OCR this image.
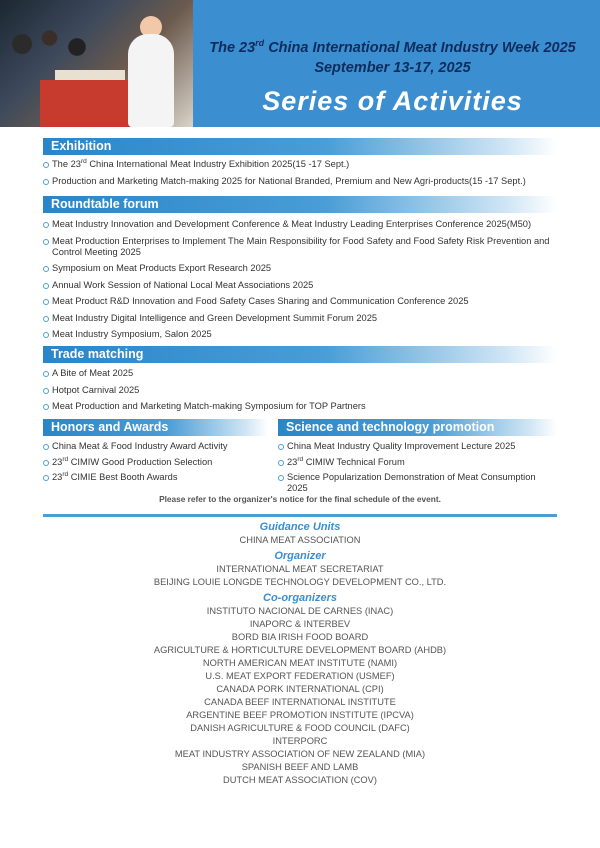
The 23rd China International Meat Industry Week 2025
September 13-17, 2025
Series of Activities
Exhibition
The 23rd China International Meat Industry Exhibition 2025(15 -17 Sept.)
Production and Marketing Match-making 2025 for National Branded, Premium and New Agri-products(15 -17 Sept.)
Roundtable forum
Meat Industry Innovation and Development Conference & Meat Industry Leading Enterprises Conference 2025(M50)
Meat Production Enterprises to Implement The Main Responsibility for Food Safety and Food Safety Risk Prevention and Control Meeting 2025
Symposium on Meat Products Export Research 2025
Annual Work Session of National Local Meat Associations 2025
Meat Product R&D Innovation and Food Safety Cases Sharing and Communication Conference 2025
Meat Industry Digital Intelligence and Green Development Summit Forum 2025
Meat Industry Symposium, Salon 2025
Trade matching
A Bite of Meat 2025
Hotpot Carnival 2025
Meat Production and Marketing Match-making Symposium for TOP Partners
Honors and Awards
China Meat & Food Industry Award Activity
23rd CIMIW Good Production Selection
23rd CIMIE Best Booth Awards
Science and technology promotion
China Meat Industry Quality Improvement Lecture 2025
23rd CIMIW Technical Forum
Science Popularization Demonstration of Meat Consumption 2025
Please refer to the organizer's notice for the final schedule of the event.
Guidance Units
CHINA MEAT ASSOCIATION
Organizer
INTERNATIONAL MEAT SECRETARIAT
BEIJING LOUIE LONGDE TECHNOLOGY DEVELOPMENT CO., LTD.
Co-organizers
INSTITUTO NACIONAL DE CARNES (INAC)
INAPORC & INTERBEV
BORD BIA IRISH FOOD BOARD
AGRICULTURE & HORTICULTURE DEVELOPMENT BOARD (AHDB)
NORTH AMERICAN MEAT INSTITUTE (NAMI)
U.S. MEAT EXPORT FEDERATION (USMEF)
CANADA PORK INTERNATIONAL (CPI)
CANADA BEEF INTERNATIONAL INSTITUTE
ARGENTINE BEEF PROMOTION INSTITUTE (IPCVA)
DANISH AGRICULTURE & FOOD COUNCIL (DAFC)
INTERPORC
MEAT INDUSTRY ASSOCIATION OF NEW ZEALAND (MIA)
SPANISH BEEF AND LAMB
DUTCH MEAT ASSOCIATION (COV)
